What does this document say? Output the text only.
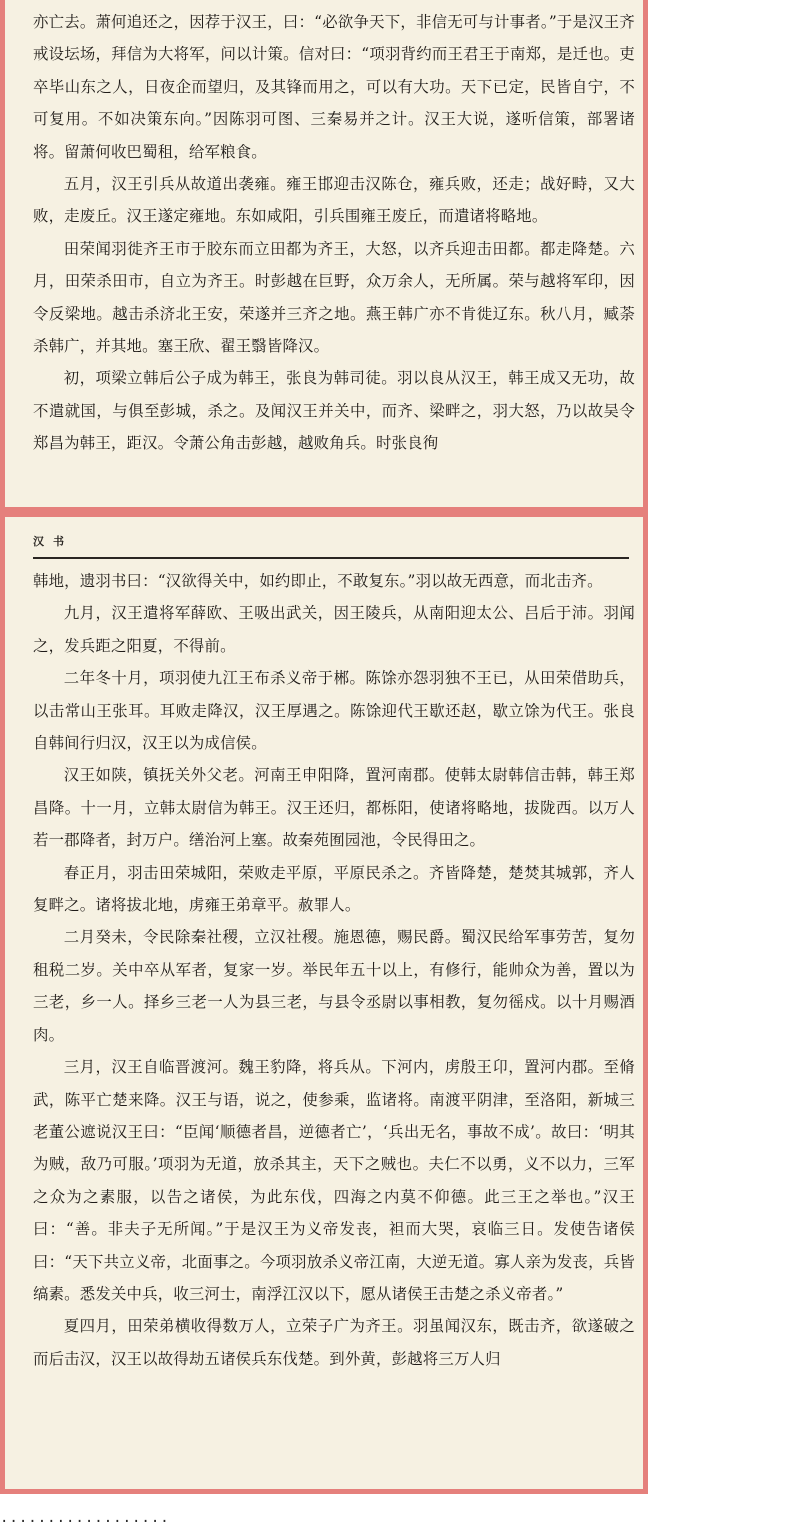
亦亡去。萧何追还之，因荐于汉王，曰：“必欲争天下，非信无可与计事者。”于是汉王齐戒设坛场，拜信为大将军，问以计策。信对曰：“项羽背约而王君王于南郑，是迁也。吏卒毕山东之人，日夜企而望归，及其锋而用之，可以有大功。天下已定，民皆自宁，不可复用。不如决策东向。”因陈羽可图、三秦易并之计。汉王大说，遂听信策，部署诸将。留萧何收巴蜀租，给军粮食。

五月，汉王引兵从故道出袭雍。雍王邯迎击汉陈仓，雍兵败，还走；战好畤，又大败，走废丘。汉王遂定雍地。东如咸阳，引兵围雍王废丘，而遣诸将略地。

田荣闻羽徙齐王市于胶东而立田都为齐王，大怒，以齐兵迎击田都。都走降楚。六月，田荣杀田市，自立为齐王。时彭越在巨野，众万余人，无所属。荣与越将军印，因令反梁地。越击杀济北王安，荣遂并三齐之地。燕王韩广亦不肯徙辽东。秋八月，臧荼杀韩广，并其地。塞王欣、翟王翳皆降汉。

初，项梁立韩后公子成为韩王，张良为韩司徒。羽以良从汉王，韩王成又无功，故不遣就国，与俱至彭城，杀之。及闻汉王并关中，而齐、梁畔之，羽大怒，乃以故吴令郑昌为韩王，距汉。令萧公角击彭越，越败角兵。时张良徇

汉书

韩地，遗羽书曰：“汉欲得关中，如约即止，不敢复东。”羽以故无西意，而北击齐。

九月，汉王遣将军薛欧、王吸出武关，因王陵兵，从南阳迎太公、吕后于沛。羽闻之，发兵距之阳夏，不得前。

二年冬十月，项羽使九江王布杀义帝于郴。陈馀亦怨羽独不王已，从田荣借助兵，以击常山王张耳。耳败走降汉，汉王厚遇之。陈馀迎代王歇还赵，歇立馀为代王。张良自韩间行归汉，汉王以为成信侯。

汉王如陕，镇抚关外父老。河南王申阳降，置河南郡。使韩太尉韩信击韩，韩王郑昌降。十一月，立韩太尉信为韩王。汉王还归，都栎阳，使诸将略地，拔陇西。以万人若一郡降者，封万户。缮治河上塞。故秦苑囿园池，令民得田之。

春正月，羽击田荣城阳，荣败走平原，平原民杀之。齐皆降楚，楚焚其城郭，齐人复畔之。诸将拔北地，虏雍王弟章平。赦罪人。

二月癸未，令民除秦社稷，立汉社稷。施恩德，赐民爵。蜀汉民给军事劳苦，复勿租税二岁。关中卒从军者，复家一岁。举民年五十以上，有修行，能帅众为善，置以为三老，乡一人。择乡三老一人为县三老，与县令丞尉以事相教，复勿徭戍。以十月赐酒肉。

三月，汉王自临晋渡河。魏王豹降，将兵从。下河内，虏殷王卬，置河内郡。至脩武，陈平亡楚来降。汉王与语，说之，使参乘，监诸将。南渡平阴津，至洛阳，新城三老董公遮说汉王曰：“臣闻‘顺德者昌，逆德者亡’，‘兵出无名，事故不成’。故曰：‘明其为贼，敌乃可服。’项羽为无道，放杀其主，天下之贼也。夫仁不以勇，义不以力，三军之众为之素服，以告之诸侯，为此东伐，四海之内莫不仰德。此三王之举也。”汉王曰：“善。非夫子无所闻。”于是汉王为义帝发丧，袒而大哭，哀临三日。发使告诸侯曰：“天下共立义帝，北面事之。今项羽放杀义帝江南，大逆无道。寡人亲为发丧，兵皆缟素。悉发关中兵，收三河士，南浮江汉以下，愿从诸侯王击楚之杀义帝者。”

夏四月，田荣弟横收得数万人，立荣子广为齐王。羽虽闻汉东，既击齐，欲遂破之而后击汉，汉王以故得劫五诸侯兵东伐楚。到外黄，彭越将三万人归

..................
